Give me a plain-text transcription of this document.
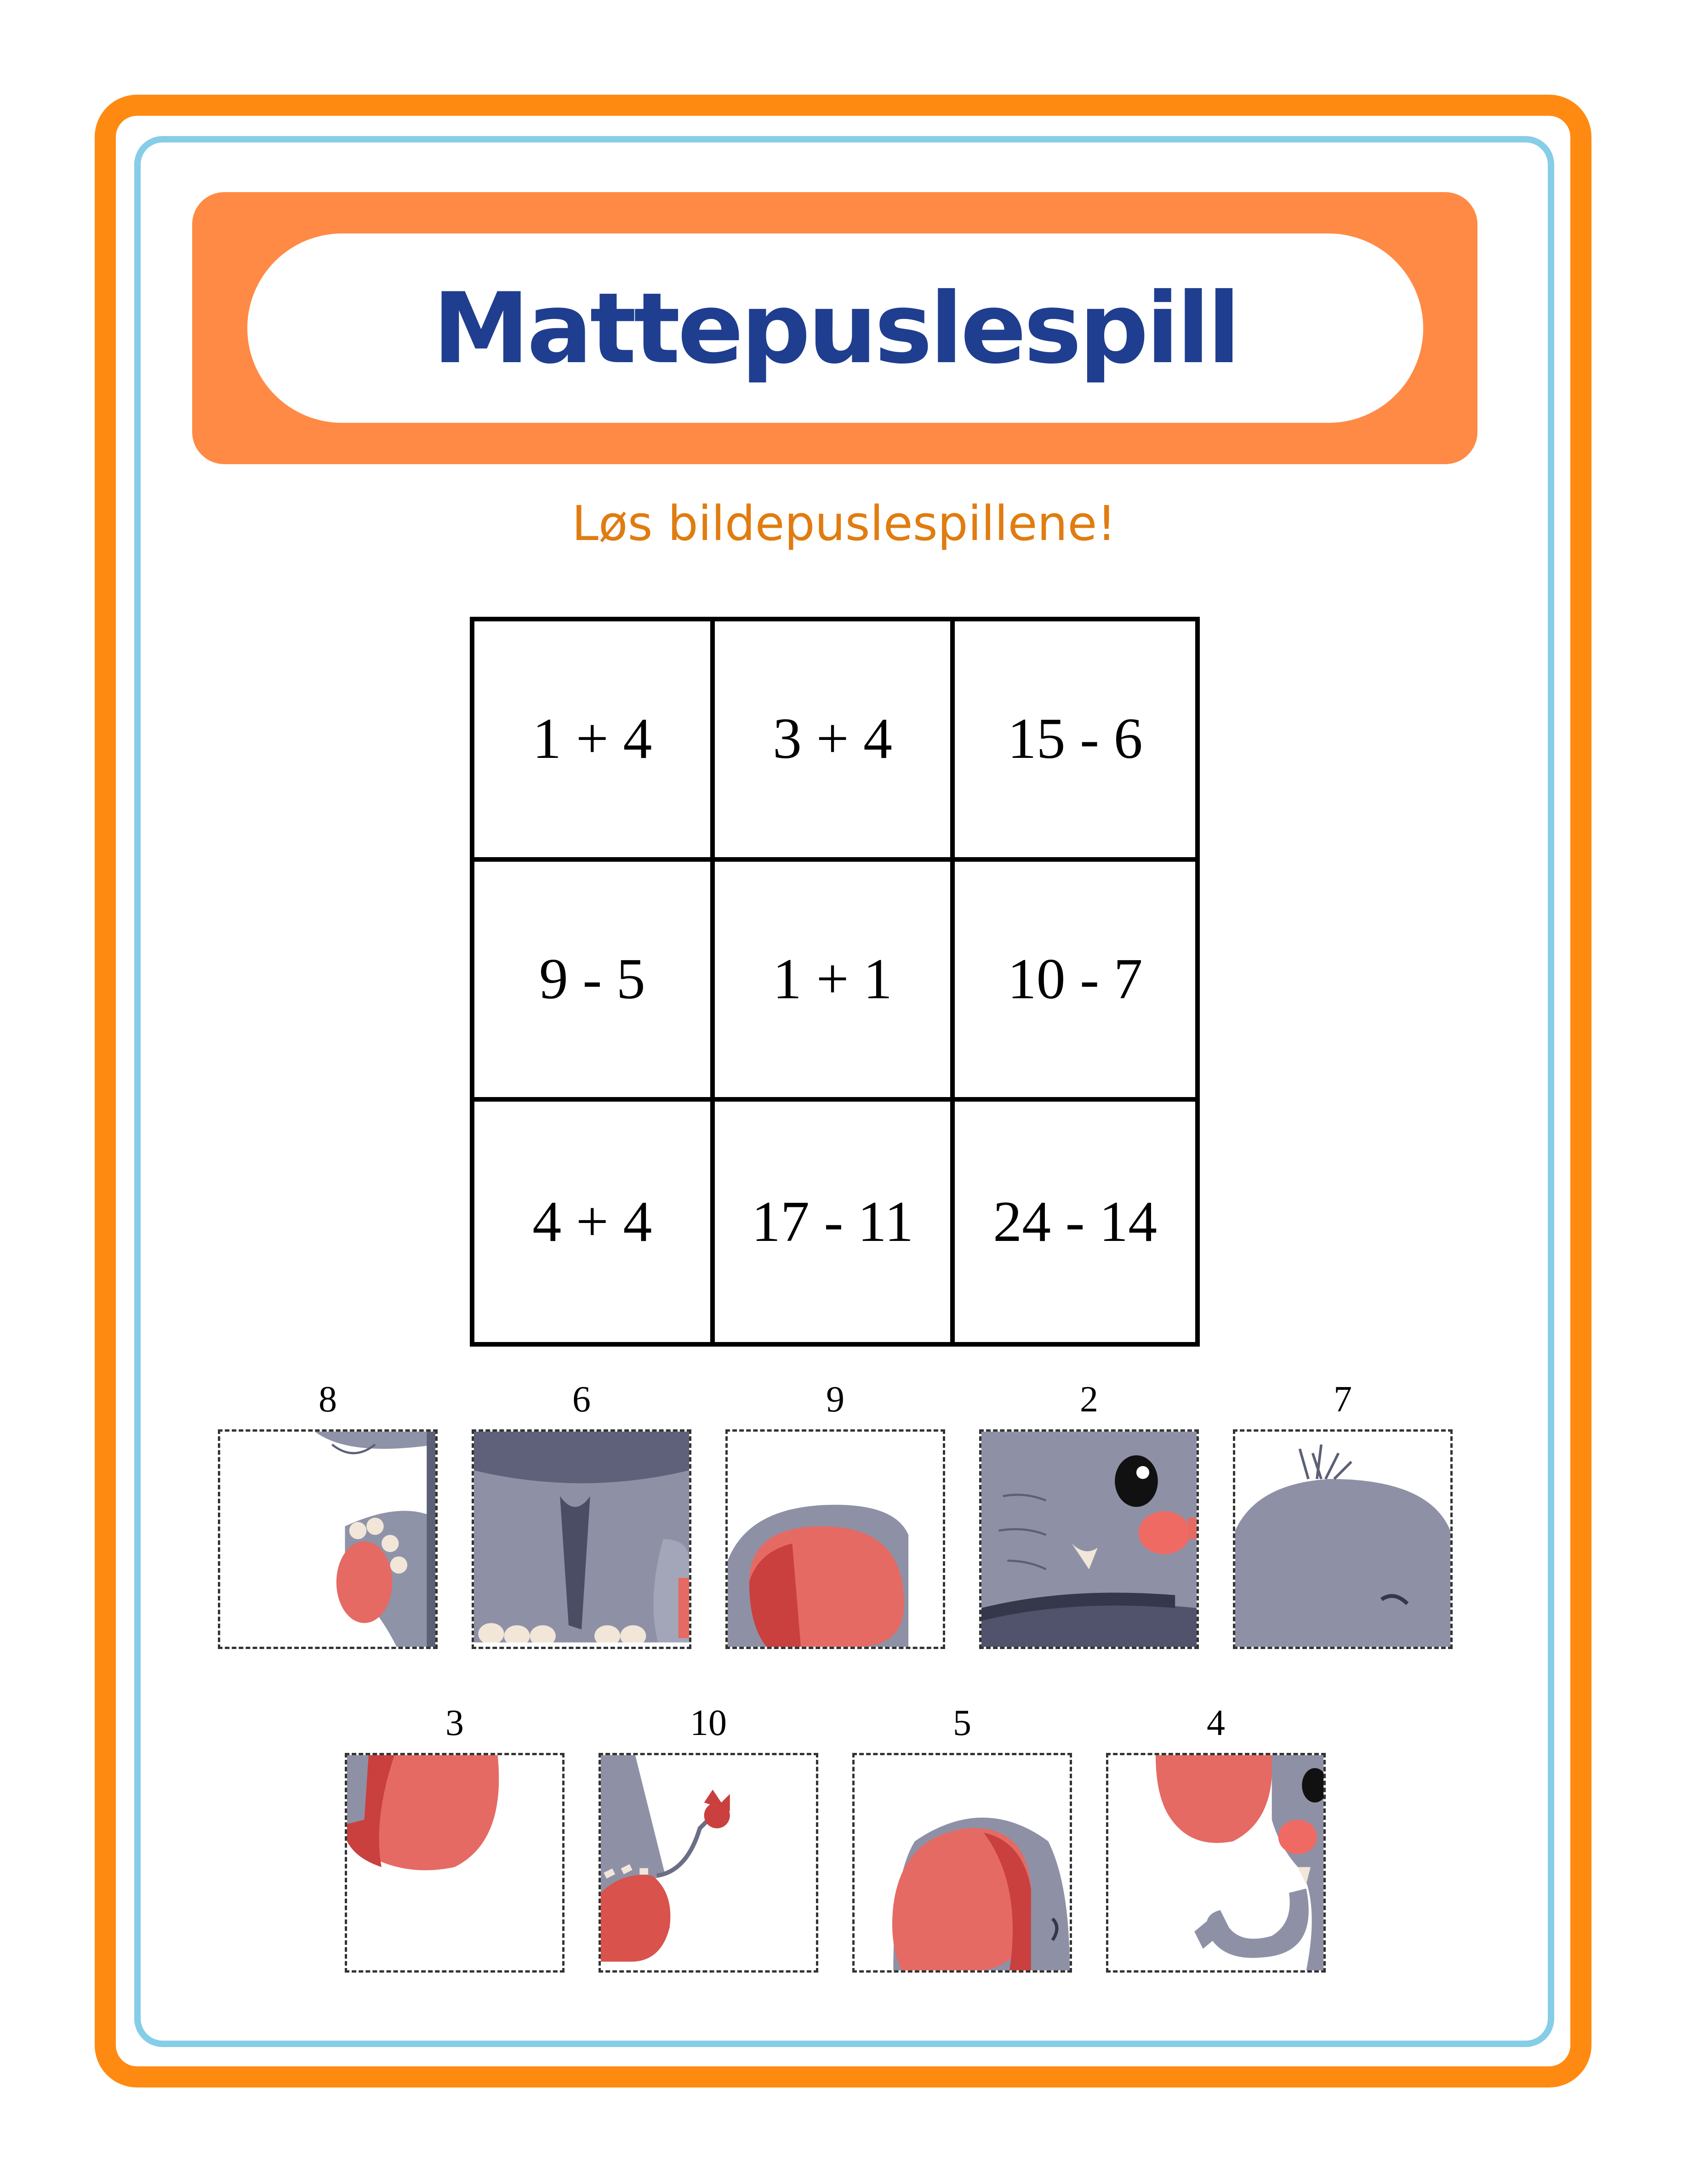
Mattepuslespill
Løs bildepuslespillene!
1 + 4	3 + 4	15 - 6
9 - 5	1 + 1	10 - 7
4 + 4	17 - 11	24 - 14
8	6	9	2	7
3	10	5	4
